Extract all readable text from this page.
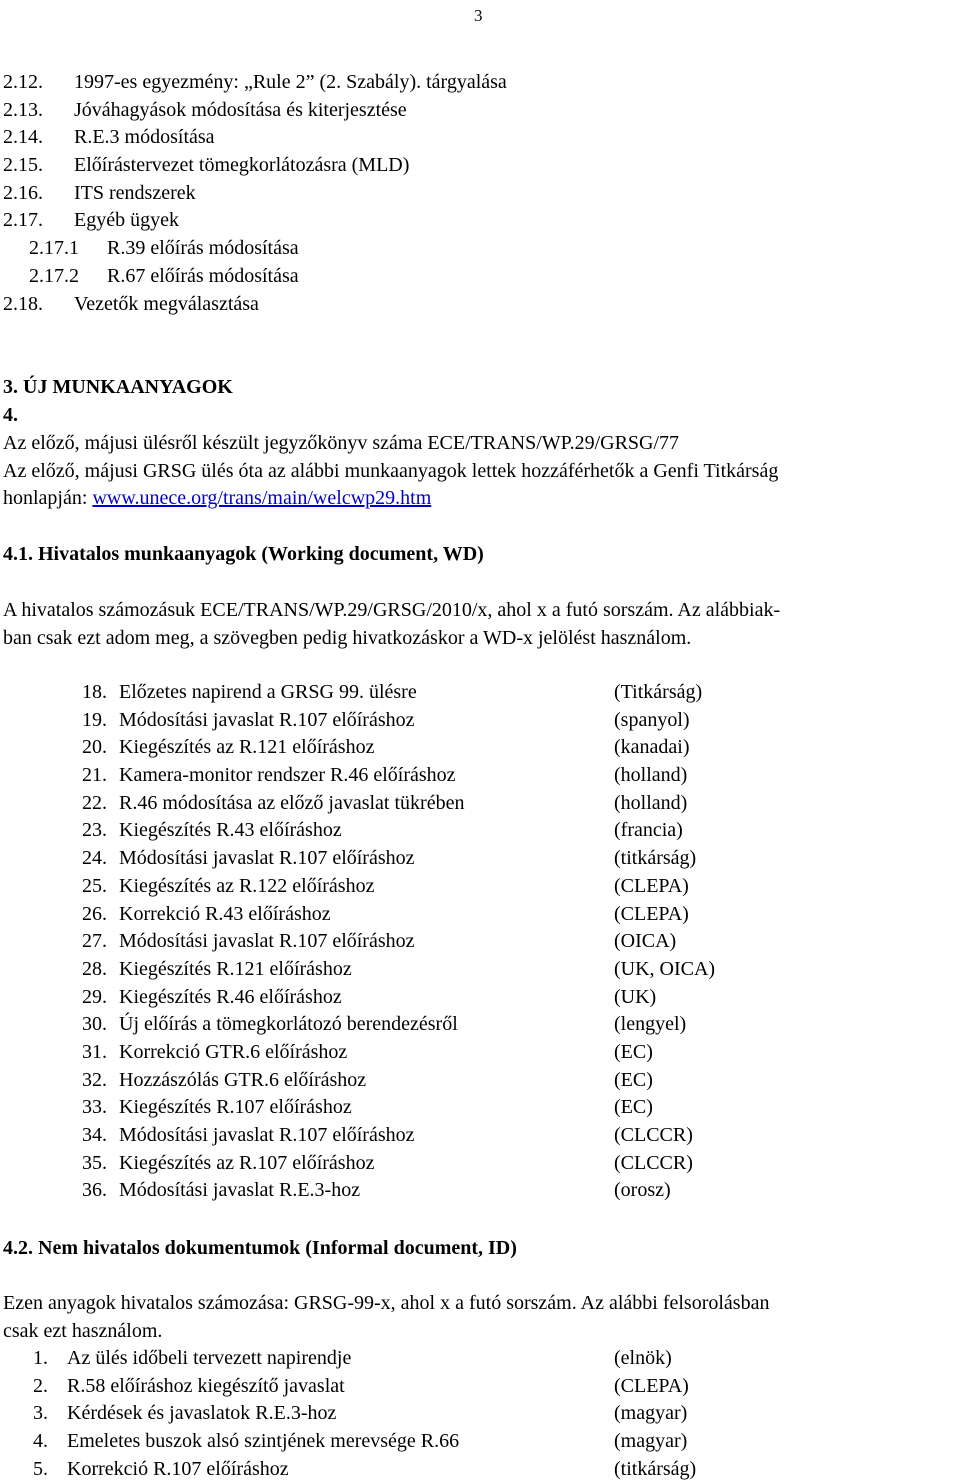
3
2.12. 1997-es egyezmény: „Rule 2” (2. Szabály). tárgyalása
2.13. Jóváhagyások módosítása és kiterjesztése
2.14. R.E.3 módosítása
2.15. Előírástervezet tömegkorlátozásra (MLD)
2.16. ITS rendszerek
2.17. Egyéb ügyek
2.17.1 R.39 előírás módosítása
2.17.2 R.67 előírás módosítása
2.18. Vezetők megválasztása
3. ÚJ MUNKAANYAGOK
4.

Az előző, májusi ülésről készült jegyzőkönyv száma ECE/TRANS/WP.29/GRSG/77

Az előző, májusi GRSG ülés óta az alábbi munkaanyagok lettek hozzáférhetők a Genfi Titkárság

honlapján: www.unece.org/trans/main/welcwp29.htm

4.1. Hivatalos munkaanyagok (Working document, WD)

A hivatalos számozásuk ECE/TRANS/WP.29/GRSG/2010/x, ahol x a futó sorszám. Az alábbiak-

ban csak ezt adom meg, a szövegben pedig hivatkozáskor a WD-x jelölést használom.

18. Előzetes napirend a GRSG 99. ülésre	(Titkárság)
19. Módosítási javaslat R.107 előíráshoz	(spanyol)
20. Kiegészítés az R.121 előíráshoz	(kanadai)
21. Kamera-monitor rendszer R.46 előíráshoz	(holland)
22. R.46 módosítása az előző javaslat tükrében	(holland)
23. Kiegészítés R.43 előíráshoz	(francia)
24. Módosítási javaslat R.107 előíráshoz	(titkárság)
25. Kiegészítés az R.122 előíráshoz	(CLEPA)
26. Korrekció R.43 előíráshoz	(CLEPA)
27. Módosítási javaslat R.107 előíráshoz	(OICA)
28. Kiegészítés R.121 előíráshoz	(UK, OICA)
29. Kiegészítés R.46 előíráshoz	(UK)
30. Új előírás a tömegkorlátozó berendezésről	(lengyel)
31. Korrekció GTR.6 előíráshoz	(EC)
32. Hozzászólás GTR.6 előíráshoz	(EC)
33. Kiegészítés R.107 előíráshoz	(EC)
34. Módosítási javaslat R.107 előíráshoz	(CLCCR)
35. Kiegészítés az R.107 előíráshoz	(CLCCR)
36. Módosítási javaslat R.E.3-hoz	(orosz)
4.2. Nem hivatalos dokumentumok (Informal document, ID)

Ezen anyagok hivatalos számozása: GRSG-99-x, ahol x a futó sorszám. Az alábbi felsorolásban

csak ezt használom.

1. Az ülés időbeli tervezett napirendje	(elnök)
2. R.58 előíráshoz kiegészítő javaslat	(CLEPA)
3. Kérdések és javaslatok R.E.3-hoz	(magyar)
4. Emeletes buszok alsó szintjének merevsége R.66	(magyar)
5. Korrekció R.107 előíráshoz	(titkárság)
